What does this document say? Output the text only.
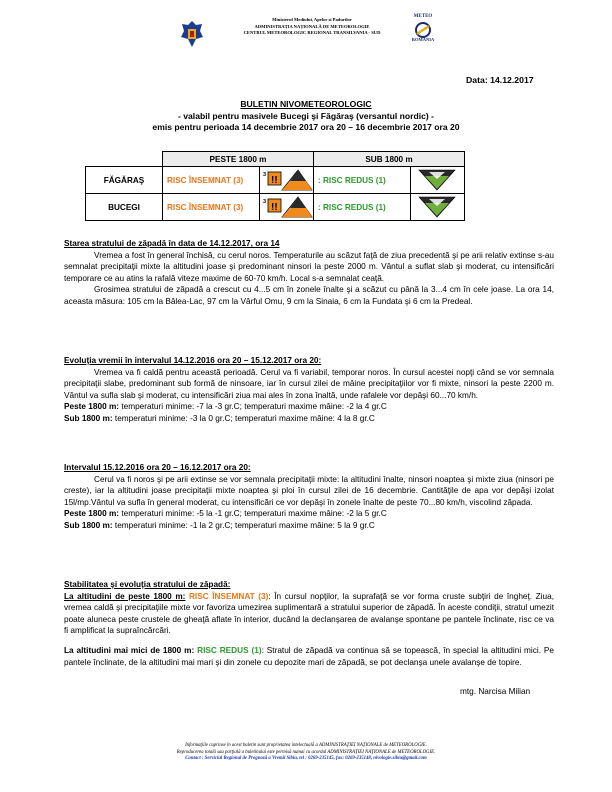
Ministerul Mediului, Apelor si Padurilor
ADMINISTRAȚIA NAȚIONALĂ DE METEOROLOGIE
CENTRUL METEOROLOGIC REGIONAL TRANSILVANIA - SUD
METEO
ROMANIA
Data: 14.12.2017
BULETIN NIVOMETEOROLOGIC
- valabil pentru masivele Bucegi şi Făgăraş (versantul nordic) -
emis pentru perioada 14 decembrie 2017 ora 20 – 16 decembrie 2017 ora 20
	PESTE 1800 m		SUB 1800 m	
FĂGĂRAŞ	RISC ÎNSEMNAT (3)	3 !!	: RISC REDUS (1)	

BUCEGI	RISC ÎNSEMNAT (3)	3 !!	: RISC REDUS (1)	

Starea stratului de zăpadă în data de 14.12.2017, ora 14

Vremea a fost în general închisă, cu cerul noros. Temperaturile au scăzut faţă de ziua precedentă şi pe arii relativ extinse s-au semnalat precipitaţii mixte la altitudini joase şi predominant ninsori la peste 2000 m. Vântul a suflat slab şi moderat, cu intensificări temporare ce au atins la rafală viteze maxime de 60-70 km/h. Local s-a semnalat ceaţă.

Grosimea stratului de zăpadă a crescut cu 4...5 cm în zonele înalte şi a scăzut cu până la 3...4 cm în cele joase. La ora 14, aceasta măsura: 105 cm la Bâlea-Lac, 97 cm la Vârful Omu, 9 cm la Sinaia, 6 cm la Fundata şi 6 cm la Predeal.

Evoluţia vremii în intervalul 14.12.2016 ora 20 – 15.12.2017 ora 20:

Vremea va fi caldă pentru această perioadă. Cerul va fi variabil, temporar noros. În cursul acestei nopţi când se vor semnala precipitaţii slabe, predominant sub formă de ninsoare, iar în cursul zilei de mâine precipitaţiilor vor fi mixte, ninsori la peste 2200 m. Vântul va sufla slab şi moderat, cu intensificări ziua mai ales în zona înaltă, unde rafalele vor depăşi 60...70 km/h.

Peste 1800 m: temperaturi minime: -7 la -3 gr.C; temperaturi maxime mâine: -2 la 4 gr.C

Sub 1800 m: temperaturi minime: -3 la 0 gr.C; temperaturi maxime mâine: 4 la 8 gr.C

Intervalul 15.12.2016 ora 20 – 16.12.2017 ora 20:

Cerul va fi noros şi pe arii extinse se vor semnala precipitaţii mixte: la altitudini înalte, ninsori noaptea şi mixte ziua (ninsori pe creste), iar la altitudini joase precipitaţii mixte noaptea şi ploi în cursul zilei de 16 decembrie. Cantităţile de apa vor depăşi izolat 15l/mp.Vântul va sufla în general moderat, cu intensificări ce vor depăşi în zonele înalte de peste 70...80 km/h, viscolind zăpada.

Peste 1800 m: temperaturi minime: -5 la -1 gr.C; temperaturi maxime mâine: -2 la 5 gr.C

Sub 1800 m: temperaturi minime: -1 la 2 gr.C; temperaturi maxime mâine: 5 la 9 gr.C

Stabilitatea şi evoluţia stratului de zăpadă:

La altitudini de peste 1800 m: RISC ÎNSEMNAT (3): În cursul nopţilor, la suprafaţă se vor forma cruste subţiri de îngheţ. Ziua, vremea caldă şi precipitaţiile mixte vor favoriza umezirea suplimentară a stratului superior de zăpadă. În aceste condiţii, stratul umezit poate aluneca peste crustele de gheaţă aflate în interior, ducând la declanşarea de avalanşe spontane pe pantele înclinate, risc ce va fi amplificat la supraîncărcări.

La altitudini mai mici de 1800 m: RISC REDUS (1): Stratul de zăpadă va continua să se topească, în special la altitudini mici. Pe pantele înclinate, de la altitudini mai mari şi din zonele cu depozite mari de zăpadă, se pot declanşa unele avalanşe de topire.

mtg. Narcisa Milian
Informaţiile cuprinse în acest buletin sunt proprietatea intelectuală a ADMINISTRAŢIEI NAŢIONALE de METEOROLOGIE.
Reproducerea totală sau parţială a buletinului este permisă numai cu acordul ADMINISTRAŢIEI NAŢIONALE de METEOROLOGIE.
Contact : Serviciul Regional de Prognoză a Vremii Sibiu, tel : 0269-235145, fax: 0269-235148, nivologie.sibiu@gmail.com
